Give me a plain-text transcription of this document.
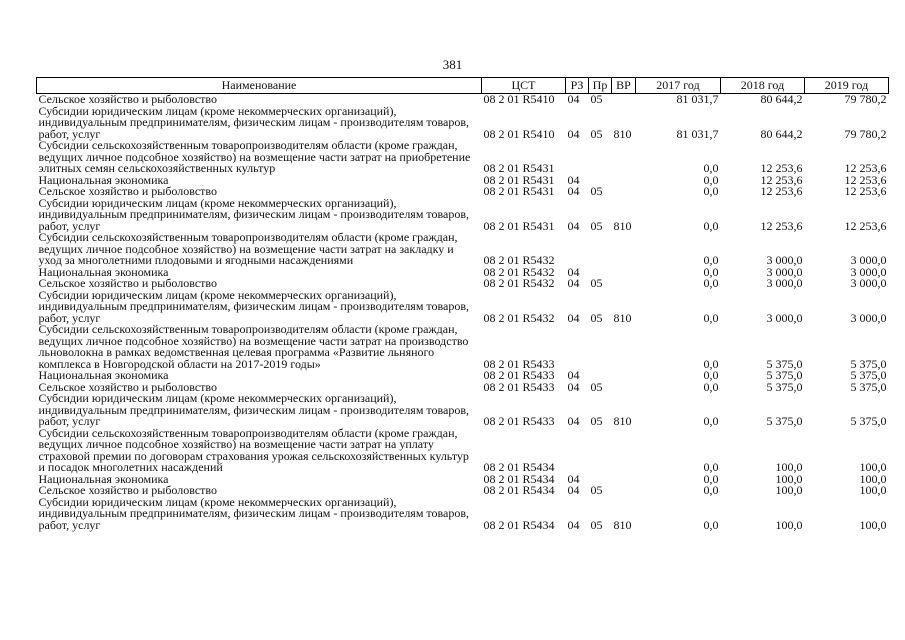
381
Наименование	ЦСТ	РЗ	Пр	ВР	2017 год	2018 год	2019 год
Сельское хозяйство и рыболовство	08 2 01 R5410	04	05		81 031,7	80 644,2	79 780,2
Субсидии юридическим лицам (кроме некоммерческих организаций), индивидуальным предпринимателям, физическим лицам - производителям товаров, работ, услуг	08 2 01 R5410	04	05	810	81 031,7	80 644,2	79 780,2
Субсидии сельскохозяйственным товаропроизводителям области (кроме граждан, ведущих личное подсобное хозяйство) на возмещение части затрат на приобретение элитных семян сельскохозяйственных культур	08 2 01 R5431				0,0	12 253,6	12 253,6
Национальная экономика	08 2 01 R5431	04			0,0	12 253,6	12 253,6
Сельское хозяйство и рыболовство	08 2 01 R5431	04	05		0,0	12 253,6	12 253,6
Субсидии юридическим лицам (кроме некоммерческих организаций), индивидуальным предпринимателям, физическим лицам - производителям товаров, работ, услуг	08 2 01 R5431	04	05	810	0,0	12 253,6	12 253,6
Субсидии сельскохозяйственным товаропроизводителям области (кроме граждан, ведущих личное подсобное хозяйство) на возмещение части затрат на закладку и уход за многолетними плодовыми и ягодными насаждениями	08 2 01 R5432				0,0	3 000,0	3 000,0
Национальная экономика	08 2 01 R5432	04			0,0	3 000,0	3 000,0
Сельское хозяйство и рыболовство	08 2 01 R5432	04	05		0,0	3 000,0	3 000,0
Субсидии юридическим лицам (кроме некоммерческих организаций), индивидуальным предпринимателям, физическим лицам - производителям товаров, работ, услуг	08 2 01 R5432	04	05	810	0,0	3 000,0	3 000,0
Субсидии сельскохозяйственным товаропроизводителям области (кроме граждан, ведущих личное подсобное хозяйство) на возмещение части затрат на производство льноволокна в рамках ведомственная целевая программа «Развитие льняного комплекса в Новгородской области на 2017-2019 годы»	08 2 01 R5433				0,0	5 375,0	5 375,0
Национальная экономика	08 2 01 R5433	04			0,0	5 375,0	5 375,0
Сельское хозяйство и рыболовство	08 2 01 R5433	04	05		0,0	5 375,0	5 375,0
Субсидии юридическим лицам (кроме некоммерческих организаций), индивидуальным предпринимателям, физическим лицам - производителям товаров, работ, услуг	08 2 01 R5433	04	05	810	0,0	5 375,0	5 375,0
Субсидии сельскохозяйственным товаропроизводителям области (кроме граждан, ведущих личное подсобное хозяйство) на возмещение части затрат на уплату страховой премии по договорам страхования урожая сельскохозяйственных культур и посадок многолетних насаждений	08 2 01 R5434				0,0	100,0	100,0
Национальная экономика	08 2 01 R5434	04			0,0	100,0	100,0
Сельское хозяйство и рыболовство	08 2 01 R5434	04	05		0,0	100,0	100,0
Субсидии юридическим лицам (кроме некоммерческих организаций), индивидуальным предпринимателям, физическим лицам - производителям товаров, работ, услуг	08 2 01 R5434	04	05	810	0,0	100,0	100,0
